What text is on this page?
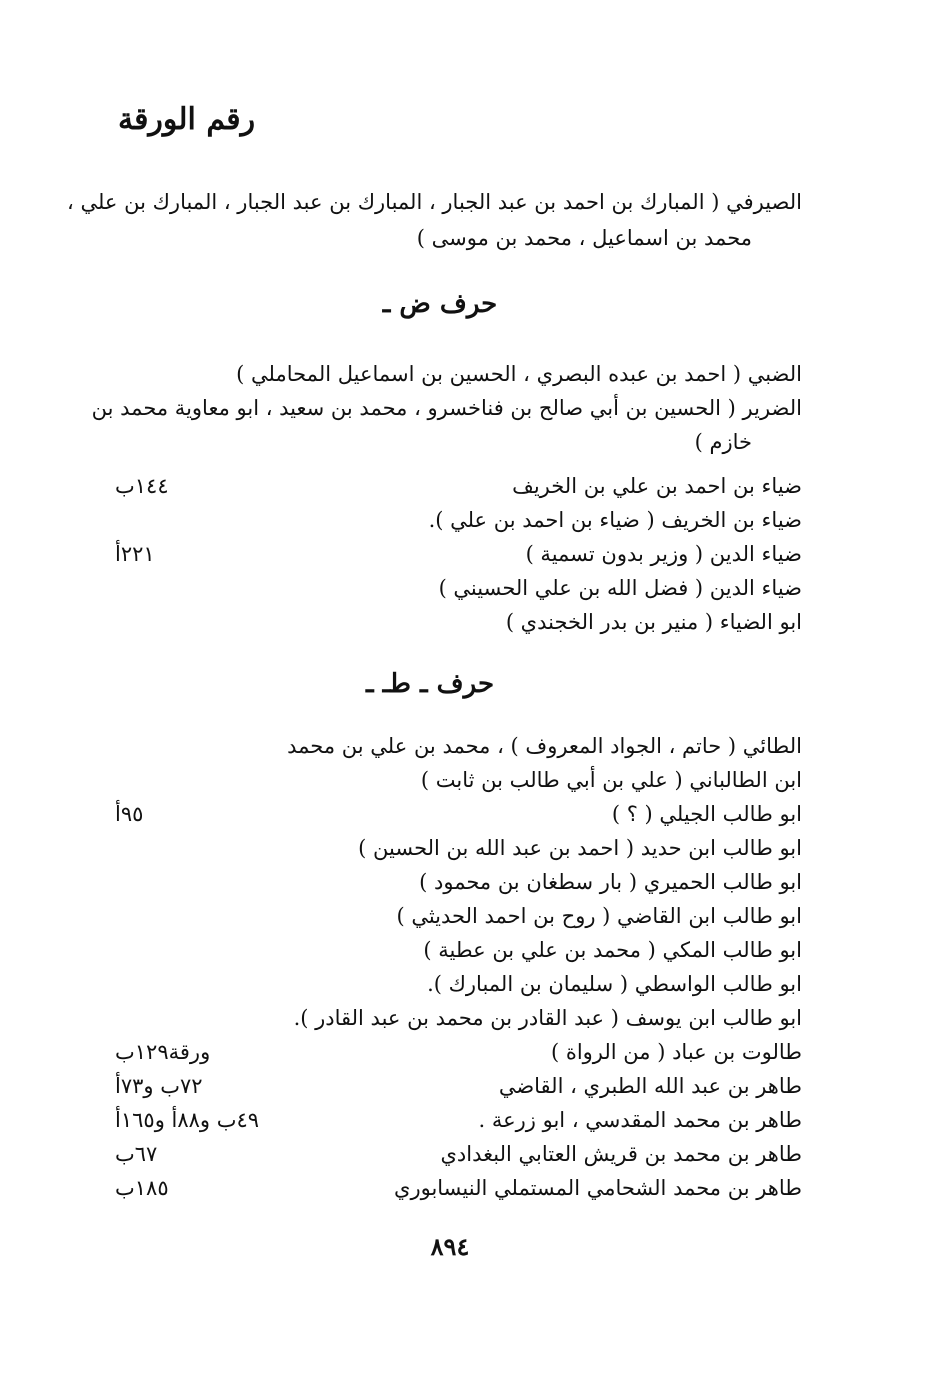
رقم الورقة
الصيرفي ( المبارك بن احمد بن عبد الجبار ، المبارك بن عبد الجبار ، المبارك بن علي ،
محمد بن اسماعيل ، محمد بن موسى )
حرف ض ـ
الضبي ( احمد بن عبده البصري ، الحسين بن اسماعيل المحاملي )
الضرير ( الحسين بن أبي صالح بن فناخسرو ، محمد بن سعيد ، ابو معاوية محمد بن
خازم )
ضياء بن احمد بن علي بن الخريف
ضياء بن الخريف ( ضياء بن احمد بن علي ).
ضياء الدين ( وزير بدون تسمية )
ضياء الدين ( فضل الله بن علي الحسيني )
ابو الضياء ( منير بن بدر الخجندي )
١٤٤ب
٢٢١أ
حرف ـ طـ ـ
الطائي ( حاتم ، الجواد المعروف ) ، محمد بن علي بن محمد
ابن الطالباني ( علي بن أبي طالب بن ثابت )
ابو طالب الجيلي ( ؟ )
ابو طالب ابن حديد ( احمد بن عبد الله بن الحسين )
ابو طالب الحميري ( بار سطغان بن محمود )
ابو طالب ابن القاضي ( روح بن احمد الحديثي )
ابو طالب المكي ( محمد بن علي بن عطية )
ابو طالب الواسطي ( سليمان بن المبارك ).
ابو طالب ابن يوسف ( عبد القادر بن محمد بن عبد القادر ).
طالوت بن عباد ( من الرواة )
طاهر بن عبد الله الطبري ، القاضي
طاهر بن محمد المقدسي ، ابو زرعة .
طاهر بن محمد بن قريش العتابي البغدادي
طاهر بن محمد الشحامي المستملي النيسابوري
٩٥أ
ورقة١٢٩ب
٧٢ب و٧٣أ
٤٩ب و٨٨أ و١٦٥أ
٦٧ب
١٨٥ب
٨٩٤
